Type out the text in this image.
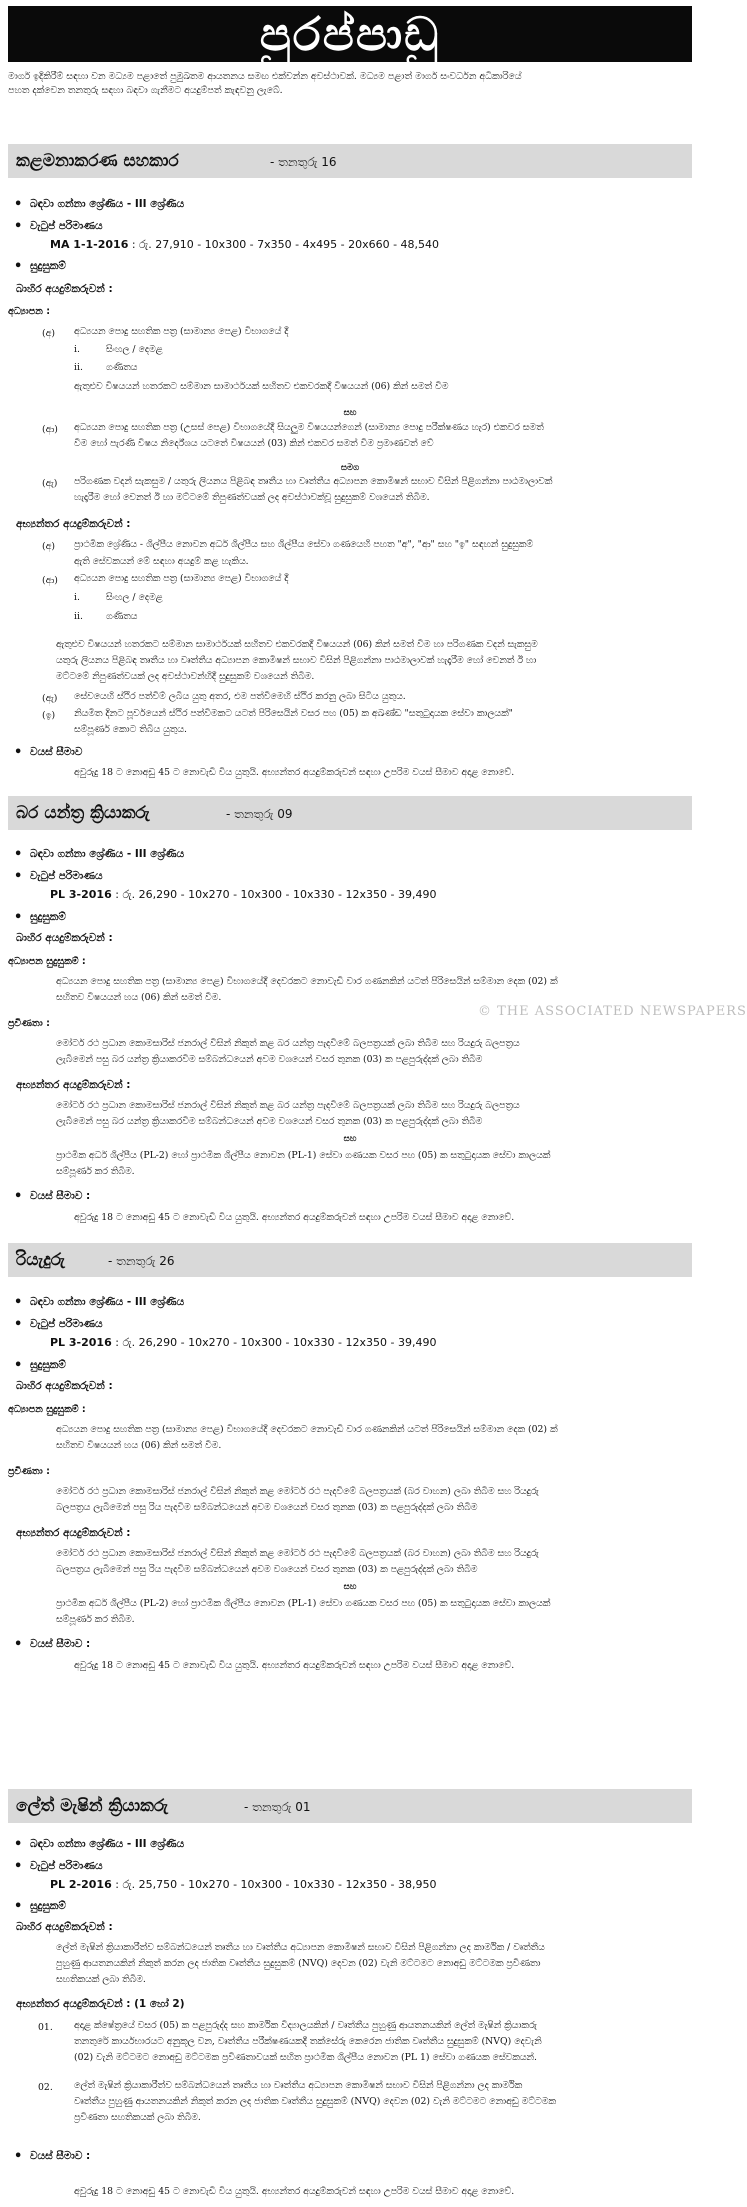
පුරප්පාඩු
මාර්ග ඉදිකිරීම් සඳහා වන මධ්‍යම පළාතේ පුමුඛතම ආයතනය සමඟ එක්වන්න අවස්ථාවක්. මධ්‍යම පළාත් මාර්ග සංවර්ධන අධිකාරියේ
පහත දක්වෙන තනතුරු සඳහා බඳවා ගැනීමට අයදුම්පත් කැඳවනු ලැබේ.
කළමනාකරණ සහකාර	- තනතුරු 16
• බඳවා ගන්නා ශ්‍රේණිය - III ශ්‍රේණිය
• වැටුප් පරිමාණය
MA 1-1-2016 : රු. 27,910 - 10x300 - 7x350 - 4x495 - 20x660 - 48,540
• සුදුසුකම්
බාහිර අයදුම්කරුවන් :
අධ්‍යාපන :
(අ) අධ්‍යයන පොදු සහතික පත්‍ර (සාමාන්‍ය පෙළ) විභාගයේ දී
i.	සිංහල / දෙමළ
ii. ගණිතය
ඇතුළුව විෂයයන් හතරකට සම්මාන සාමාර්ථයක් සහිතව එකවරකදී විෂයයන් (06) කින් සමත් වීම
සහ
(ආ) අධ්‍යයන පොදු සහතික පත්‍ර (උසස් පෙළ) විභාගයේදී සියලුම විෂයයන්ගෙන් (සාමාන්‍ය පොදු පරීක්ෂණය හැර) එකවර සමත්
වීම හෝ පැරණි විෂය නිර්දේශය යටතේ විෂයයන් (03) කින් එකවර සමත් වීම ප්‍රමාණවත් වේ
සමග
(ඇ) පරිගණක වදන් සැකසුම / යතුරු ලියනය පිළිබඳ තෘතීය හා වෘත්තීය අධ්‍යාපන කොමිෂන් සභාව විසින් පිළිගන්නා පාඨමාලාවක්
හැදෑරීම හෝ වෙනත් ඊ හා මට්ටමේ තිපුණත්වයක් ලද අවස්ථාවක්වූ සුදුසුකම් වශයෙන් තිබීම.
අභ්‍යන්තර අයදුම්කරුවන් :
(අ) ප්‍රාථමික ශ්‍රේණිය - ශිල්පීය නොවන අර්ධ ශිල්පීය සහ ශිල්පීය සේවා ගණයෙහි පහත "අ", "ආ" සහ "ඉ" සඳහන් සුදුසුකම්
ඇති සේවකයන් මේ සඳහා අයදුම් කළ හැකිය.
(ආ) අධ්‍යයන පොදු සහතික පත්‍ර (සාමාන්‍ය පෙළ) විභාගයේ දී
i.	සිංහල / දෙමළ
ii. ගණිතය
ඇතුළුව විෂයයන් හතරකට සම්මාන සාමාර්ථයක් සහිතව එකවරකදී විෂයයන් (06) කින් සමත් වීම හා පරිගණක වදන් සැකසුම
යතුරු ලියනය පිළිබඳ තෘතීය හා වෘත්තීය අධ්‍යාපන කොමිෂන් සභාව විසින් පිළිගන්නා පාඨමාලාවක් හැදෑරීම හෝ වෙනත් ඊ හා
මට්ටමේ නිපුණත්වයක් ලද අවස්ථාවන්හිදී සුදුසුකම් වශයෙන් තිබීම.
(ඇ) සේවයෙහි ස්ථිර පත්වීම් ලබිය යුතු අතර, එම පත්වීමෙහි ස්ථිර කරනු ලබා සිටිය යුතුය.
(ඉ) නියමිත දිනට පූර්වයෙන් ස්ථිර පත්වීමකට යටත් පිරිසෙයින් වසර පහ (05) ක අඛණ්ඩ "සතුටුදායක සේවා කාලයක්"
සම්පූර්ණ කොට තිබිය යුතුය.
• වයස් සීමාව
අවුරුදු 18 ට නොඅඩු 45 ට නොවැඩි විය යුතුයි. අභ්‍යන්තර අයදුම්කරුවන් සඳහා උපරිම වයස් සීමාව අදාළ නොවේ.
බර යන්ත්‍ර ක්‍රියාකරු	- තනතුරු 09
• බඳවා ගන්නා ශ්‍රේණිය - III ශ්‍රේණිය
• වැටුප් පරිමාණය
PL 3-2016 : රු. 26,290 - 10x270 - 10x300 - 10x330 - 12x350 - 39,490
• සුදුසුකම්
බාහිර අයදුම්කරුවන් :
අධ්‍යාපන සුදුසුකම් :
අධ්‍යයන පොදු සහතික පත්‍ර (සාමාන්‍ය පෙළ) විභාගයේදී දෙවරකට නොවැඩි වාර ගණනකින් යටත් පිරිසෙයින් සම්මාන දෙක (02) ක්
සහිතව විෂයයන් හය (06) කින් සමත් වීම.
© THE ASSOCIATED NEWSPAPERS
ප්‍රවීණතා :
මෝටර් රථ ප්‍රධාන කොමසාරිස් ජනරාල් විසින් නිකුත් කළ බර යන්ත්‍ර පැදවීමේ බලපත්‍රයක් ලබා තිබීම සහ රියදුරු බලපත්‍රය
ලැබීමෙන් පසු බර යන්ත්‍ර ක්‍රියාකරවීම සම්බන්ධයෙන් අවම වශයෙන් වසර තුනක (03) ක පළපුරුද්දක් ලබා තිබීම
අභ්‍යන්තර අයදුම්කරුවන් :
මෝටර් රථ ප්‍රධාන කොමසාරිස් ජනරාල් විසින් නිකුත් කළ බර යන්ත්‍ර පැදවීමේ බලපත්‍රයක් ලබා තිබීම සහ රියදුරු බලපත්‍රය
ලැබීමෙන් පසු බර යන්ත්‍ර ක්‍රියාකරවීම සම්බන්ධයෙන් අවම වශයෙන් වසර තුනක (03) ක පළපුරුද්දක් ලබා තිබීම
සහ
ප්‍රාථමික අර්ධ ශිල්පීය (PL-2) හෝ ප්‍රාථමික ශිල්පීය නොවන (PL-1) සේවා ගණයක වසර පහ (05) ක සතුටුදායක සේවා කාලයක්
සම්පූර්ණ කර තිබීම.
• වයස් සීමාව :
අවුරුදු 18 ට නොඅඩු 45 ට නොවැඩි විය යුතුයි. අභ්‍යන්තර අයදුම්කරුවන් සඳහා උපරිම වයස් සීමාව අදාළ නොවේ.
රියැදුරු	- තනතුරු 26
• බඳවා ගන්නා ශ්‍රේණිය - III ශ්‍රේණිය
• වැටුප් පරිමාණය
PL 3-2016 : රු. 26,290 - 10x270 - 10x300 - 10x330 - 12x350 - 39,490
• සුදුසුකම්
බාහිර අයදුම්කරුවන් :
අධ්‍යාපන සුදුසුකම් :
අධ්‍යයන පොදු සහතික පත්‍ර (සාමාන්‍ය පෙළ) විභාගයේදී දෙවරකට නොවැඩි වාර ගණනකින් යටත් පිරිසෙයින් සම්මාන දෙක (02) ක්
සහිතව විෂයයන් හය (06) කින් සමත් වීම.
ප්‍රවීණතා :
මෝටර් රථ ප්‍රධාන කොමසාරිස් ජනරාල් විසින් නිකුත් කළ මෝටර් රථ පැදවීමේ බලපත්‍රයක් (බර වාහන) ලබා තිබීම සහ රියදුරු
බලපත්‍රය ලැබීමෙන් පසු රිය පැදවීම සම්බන්ධයෙන් අවම වශයෙන් වසර තුනක (03) ක පළපුරුද්දක් ලබා තිබීම
අභ්‍යන්තර අයදුම්කරුවන් :
මෝටර් රථ ප්‍රධාන කොමසාරිස් ජනරාල් විසින් නිකුත් කළ මෝටර් රථ පැදවීමේ බලපත්‍රයක් (බර වාහන) ලබා තිබීම සහ රියදුරු
බලපත්‍රය ලැබීමෙන් පසු රිය පැදවීම සම්බන්ධයෙන් අවම වශයෙන් වසර තුනක (03) ක පළපුරුද්දක් ලබා තිබීම
සහ
ප්‍රාථමික අර්ධ ශිල්පීය (PL-2) හෝ ප්‍රාථමික ශිල්පීය නොවන (PL-1) සේවා ගණයක වසර පහ (05) ක සතුටුදායක සේවා කාලයක්
සම්පූර්ණ කර තිබීම.
• වයස් සීමාව :
අවුරුදු 18 ට නොඅඩු 45 ට නොවැඩි විය යුතුයි. අභ්‍යන්තර අයදුම්කරුවන් සඳහා උපරිම වයස් සීමාව අදාළ නොවේ.
ලේත් මැෂින් ක්‍රියාකරු	- තනතුරු 01
• බඳවා ගන්නා ශ්‍රේණිය - III ශ්‍රේණිය
• වැටුප් පරිමාණය
PL 2-2016 : රු. 25,750 - 10x270 - 10x300 - 10x330 - 12x350 - 38,950
• සුදුසුකම්
බාහිර අයදුම්කරුවන් :
ලේත් මැෂින් ක්‍රියාකාරීත්ව සම්බන්ධයෙන් තෘතීය හා වෘත්තීය අධ්‍යාපන කොමිෂන් සභාව විසින් පිළිගන්නා ලද කාර්මික / වෘත්තීය
පුහුණු ආයතනයකින් නිකුත් කරන ලද ජාතික වෘත්තීය සුදුසුකම් (NVQ) දෙවන (02) වැනි මට්ටමට නොඅඩු මට්ටමක ප්‍රවීණතා
සහතිකයක් ලබා තිබීම.
අභ්‍යන්තර අයදුම්කරුවන් : (1 හෝ 2)
01. අදාළ ක්ෂේත්‍රයේ වසර (05) ක පළපුරුද්ද සහ කාර්මික විද්‍යාලයකින් / වෘත්තීය පුහුණු ආයතනයකින් ලේත් මැෂින් ක්‍රියාකරු
තනතුරේ කාර්යභාරයට අනුකූල වන, වෘත්තීය පරීක්ෂණයකදී තක්සේරු කෙරෙන ජාතික වෘත්තීය සුදුසුකම් (NVQ) දෙවැනි
(02) වැනි මට්ටමට නොඅඩු මට්ටමක ප්‍රවීණතාවයක් සහිත ප්‍රාථමික ශිල්පීය නොවන (PL 1) සේවා ගණයක සේවකයන්.
02. ලේත් මැෂින් ක්‍රියාකාරීත්ව සම්බන්ධයෙන් තෘතීය හා වෘත්තීය අධ්‍යාපන කොමිෂන් සභාව විසින් පිළිගන්නා ලද කාර්මික
වෘත්තීය පුහුණු ආයතනයකින් නිකුත් කරන ලද ජාතික වෘත්තීය සුදුසුකම් (NVQ) දෙවන (02) වැනි මට්ටමට නොඅඩු මට්ටමක
ප්‍රවීණතා සහතිකයක් ලබා තිබීම.
• වයස් සීමාව :
අවුරුදු 18 ට නොඅඩු 45 ට නොවැඩි විය යුතුයි. අභ්‍යන්තර අයදුම්කරුවන් සඳහා උපරිම වයස් සීමාව අදාළ නොවේ.
